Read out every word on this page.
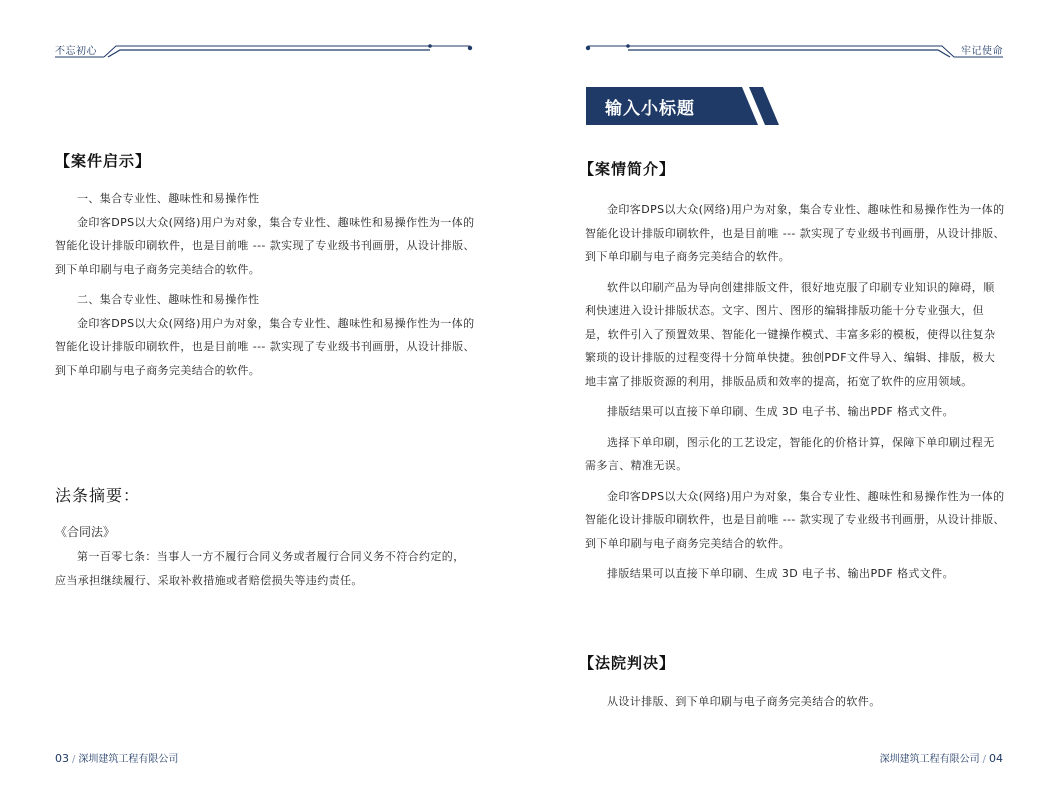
不忘初心
【案件启示】

一、集合专业性、趣味性和易操作性

金印客DPS以大众(网络)用户为对象，集合专业性、趣味性和易操作性为一体的智能化设计排版印刷软件，也是目前唯 --- 款实现了专业级书刊画册，从设计排版、到下单印刷与电子商务完美结合的软件。

二、集合专业性、趣味性和易操作性

金印客DPS以大众(网络)用户为对象，集合专业性、趣味性和易操作性为一体的智能化设计排版印刷软件，也是目前唯 --- 款实现了专业级书刊画册，从设计排版、到下单印刷与电子商务完美结合的软件。

法条摘要：
《合同法》

第一百零七条：当事人一方不履行合同义务或者履行合同义务不符合约定的，应当承担继续履行、采取补救措施或者赔偿损失等违约责任。

03 / 深圳建筑工程有限公司
牢记使命
输入小标题
【案情简介】

金印客DPS以大众(网络)用户为对象，集合专业性、趣味性和易操作性为一体的智能化设计排版印刷软件，也是目前唯 --- 款实现了专业级书刊画册，从设计排版、到下单印刷与电子商务完美结合的软件。

软件以印刷产品为导向创建排版文件，很好地克服了印刷专业知识的障碍，顺利快速进入设计排版状态。文字、图片、图形的编辑排版功能十分专业强大，但是，软件引入了预置效果、智能化一键操作模式、丰富多彩的模板，使得以往复杂繁琐的设计排版的过程变得十分简单快捷。独创PDF文件导入、编辑、排版，极大地丰富了排版资源的利用，排版品质和效率的提高，拓宽了软件的应用领域。

排版结果可以直接下单印刷、生成 3D 电子书、输出PDF 格式文件。

选择下单印刷，图示化的工艺设定，智能化的价格计算，保障下单印刷过程无需多言、精准无误。

金印客DPS以大众(网络)用户为对象，集合专业性、趣味性和易操作性为一体的智能化设计排版印刷软件，也是目前唯 --- 款实现了专业级书刊画册，从设计排版、到下单印刷与电子商务完美结合的软件。

排版结果可以直接下单印刷、生成 3D 电子书、输出PDF 格式文件。

【法院判决】

从设计排版、到下单印刷与电子商务完美结合的软件。

深圳建筑工程有限公司 / 04
